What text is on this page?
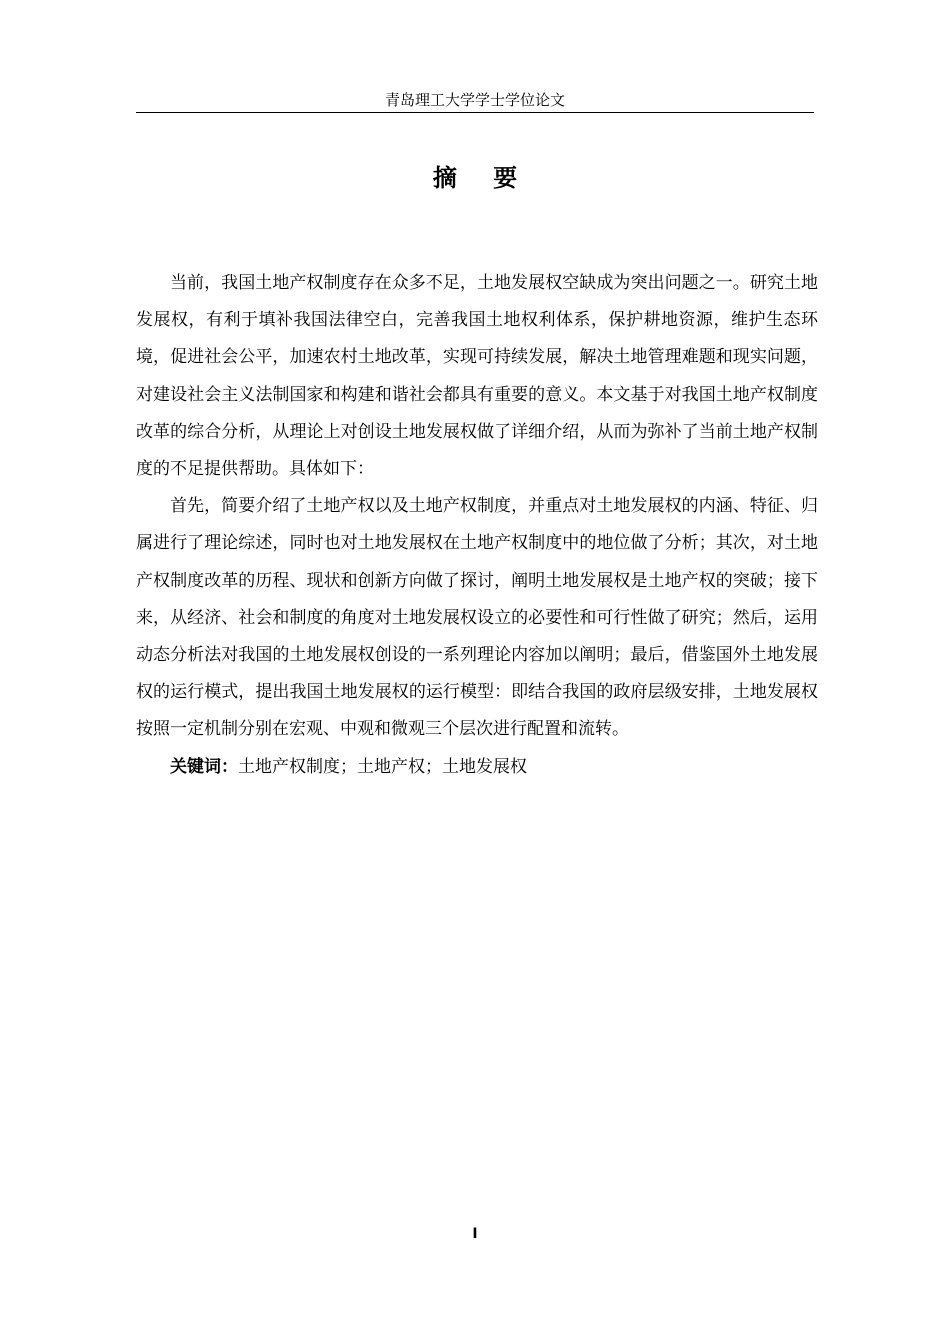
青岛理工大学学士学位论文
摘 要

当前，我国土地产权制度存在众多不足，土地发展权空缺成为突出问题之一。研究土地发展权，有利于填补我国法律空白，完善我国土地权利体系，保护耕地资源，维护生态环境，促进社会公平，加速农村土地改革，实现可持续发展，解决土地管理难题和现实问题，对建设社会主义法制国家和构建和谐社会都具有重要的意义。本文基于对我国土地产权制度改革的综合分析，从理论上对创设土地发展权做了详细介绍，从而为弥补了当前土地产权制度的不足提供帮助。具体如下：

首先，简要介绍了土地产权以及土地产权制度，并重点对土地发展权的内涵、特征、归属进行了理论综述，同时也对土地发展权在土地产权制度中的地位做了分析；其次，对土地产权制度改革的历程、现状和创新方向做了探讨，阐明土地发展权是土地产权的突破；接下来，从经济、社会和制度的角度对土地发展权设立的必要性和可行性做了研究；然后，运用动态分析法对我国的土地发展权创设的一系列理论内容加以阐明；最后，借鉴国外土地发展权的运行模式，提出我国土地发展权的运行模型：即结合我国的政府层级安排，土地发展权按照一定机制分别在宏观、中观和微观三个层次进行配置和流转。

关键词：土地产权制度；土地产权；土地发展权

I
